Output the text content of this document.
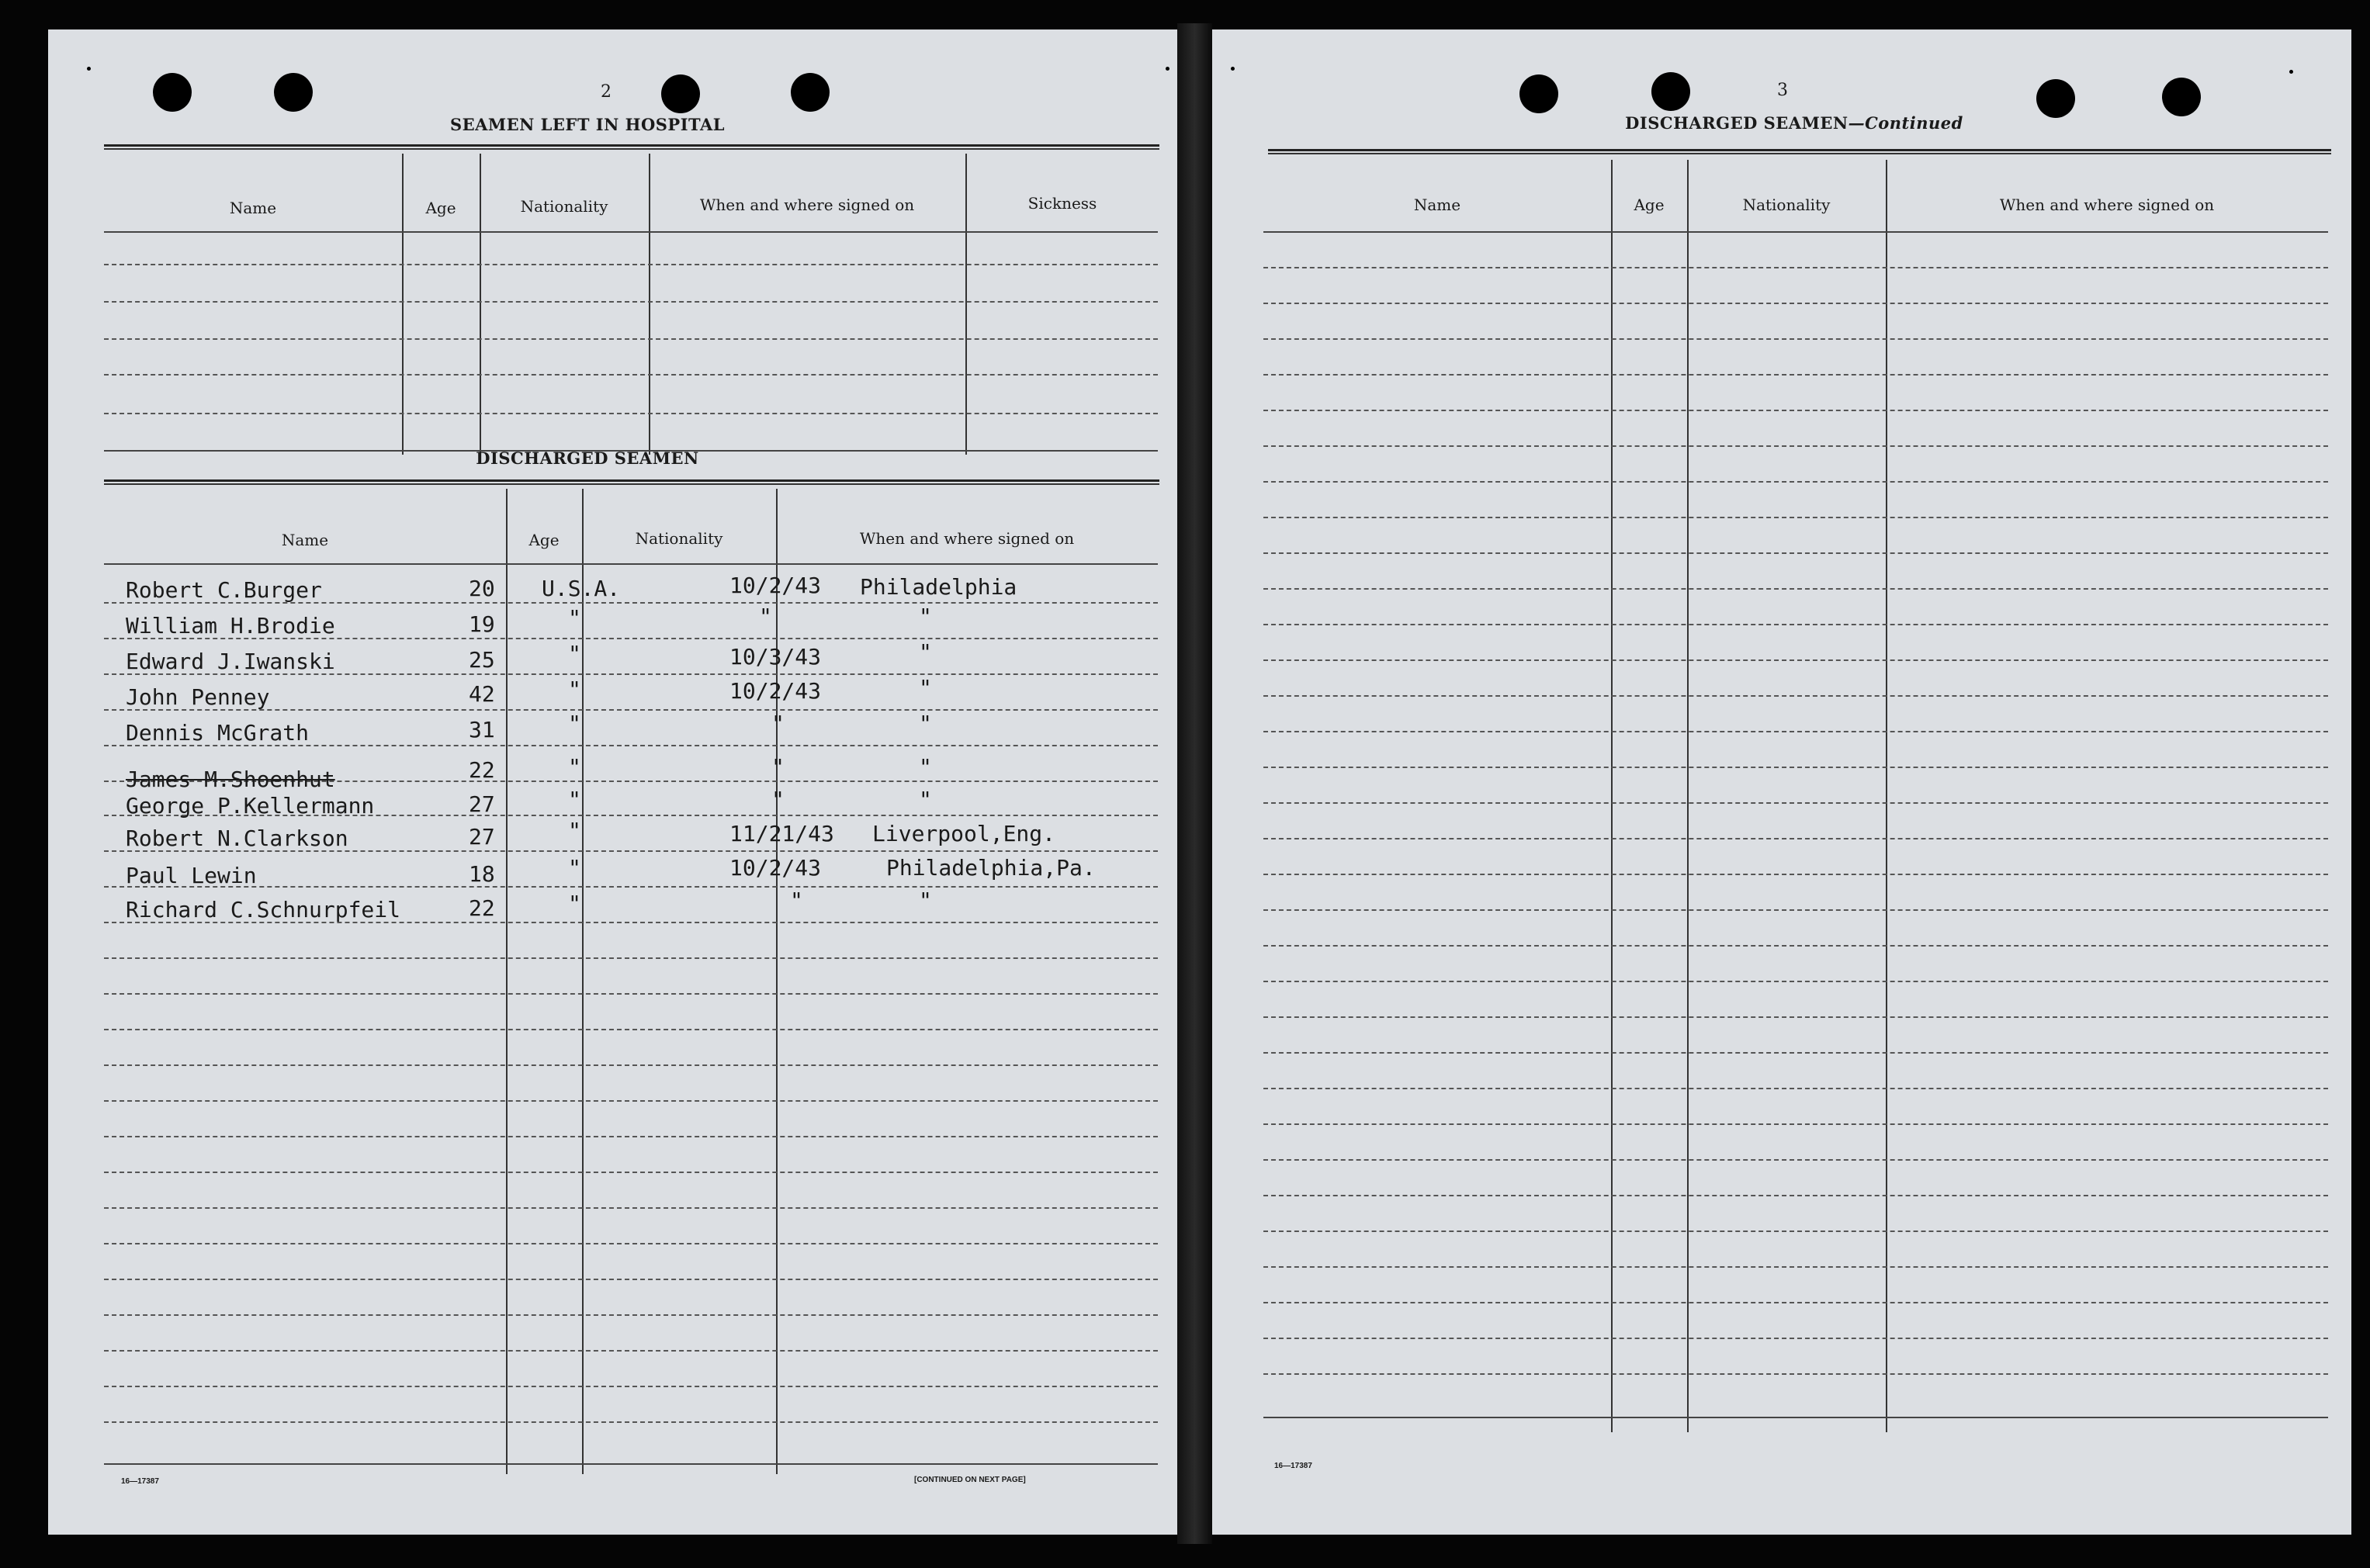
2
SEAMEN LEFT IN HOSPITAL
Name	Age	Nationality	When and where signed on	Sickness
DISCHARGED SEAMEN
Name	Age	Nationality	When and where signed on
Robert C.Burger	20 U.S.A.	10/2/43 Philadelphia
William H.Brodie	19	"	"	"
Edward J.Iwanski	25	"	10/3/43	"
John Penney	42	"	10/2/43	"
Dennis McGrath	31	"	"	"
James M.Shoenhut	22	"	"	"
George P.Kellermann	27	"	"	"
Robert N.Clarkson	27	"	11/21/43 Liverpool,Eng.
Paul Lewin	18	"	10/2/43	Philadelphia,Pa.
Richard C.Schnurpfeil	22	"	"	"
16—17387	[CONTINUED ON NEXT PAGE]
3
DISCHARGED SEAMEN—Continued
Name	Age	Nationality	When and where signed on
16—17387
